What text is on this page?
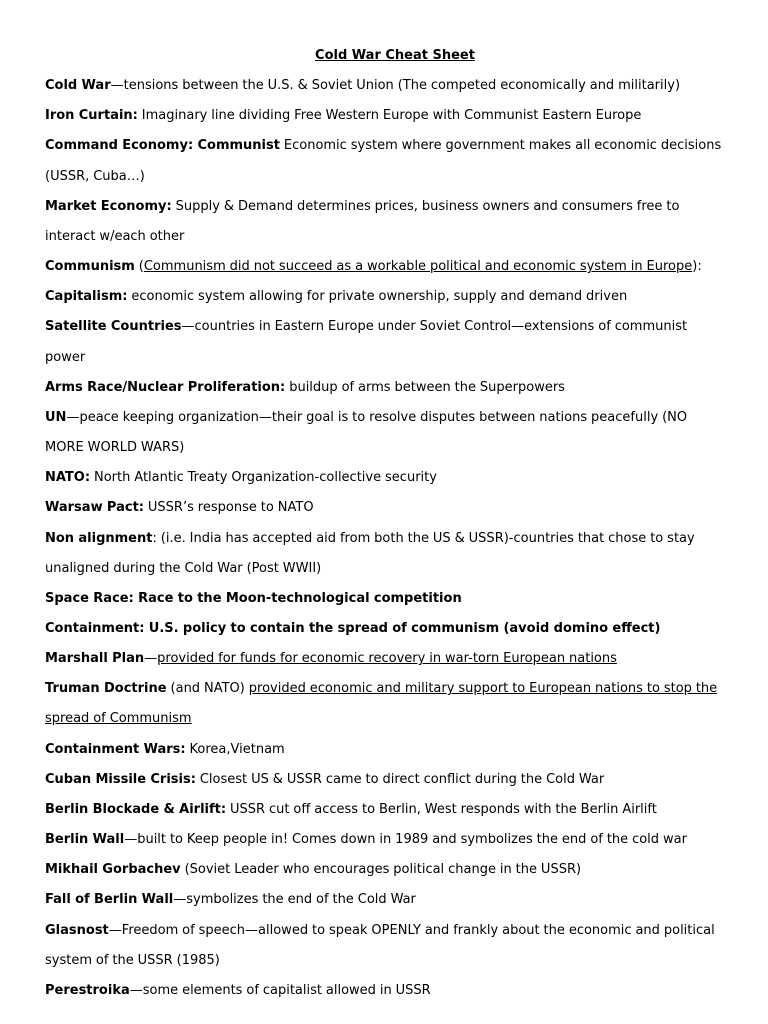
Cold War Cheat Sheet

Cold War—tensions between the U.S. & Soviet Union (The competed economically and militarily)

Iron Curtain: Imaginary line dividing Free Western Europe with Communist Eastern Europe

Command Economy: Communist Economic system where government makes all economic decisions (USSR, Cuba…)

Market Economy: Supply & Demand determines prices, business owners and consumers free to interact w/each other

Communism (Communism did not succeed as a workable political and economic system in Europe):

Capitalism: economic system allowing for private ownership, supply and demand driven

Satellite Countries—countries in Eastern Europe under Soviet Control—extensions of communist power

Arms Race/Nuclear Proliferation: buildup of arms between the Superpowers

UN—peace keeping organization—their goal is to resolve disputes between nations peacefully (NO MORE WORLD WARS)

NATO: North Atlantic Treaty Organization-collective security

Warsaw Pact: USSR’s response to NATO

Non alignment: (i.e. India has accepted aid from both the US & USSR)-countries that chose to stay unaligned during the Cold War (Post WWII)

Space Race: Race to the Moon-technological competition

Containment: U.S. policy to contain the spread of communism (avoid domino effect)

Marshall Plan—provided for funds for economic recovery in war-torn European nations

Truman Doctrine (and NATO) provided economic and military support to European nations to stop the spread of Communism

Containment Wars: Korea,Vietnam

Cuban Missile Crisis: Closest US & USSR came to direct conflict during the Cold War

Berlin Blockade & Airlift: USSR cut off access to Berlin, West responds with the Berlin Airlift

Berlin Wall—built to Keep people in! Comes down in 1989 and symbolizes the end of the cold war

Mikhail Gorbachev (Soviet Leader who encourages political change in the USSR)

Fall of Berlin Wall—symbolizes the end of the Cold War

Glasnost—Freedom of speech—allowed to speak OPENLY and frankly about the economic and political system of the USSR (1985)

Perestroika—some elements of capitalist allowed in USSR
